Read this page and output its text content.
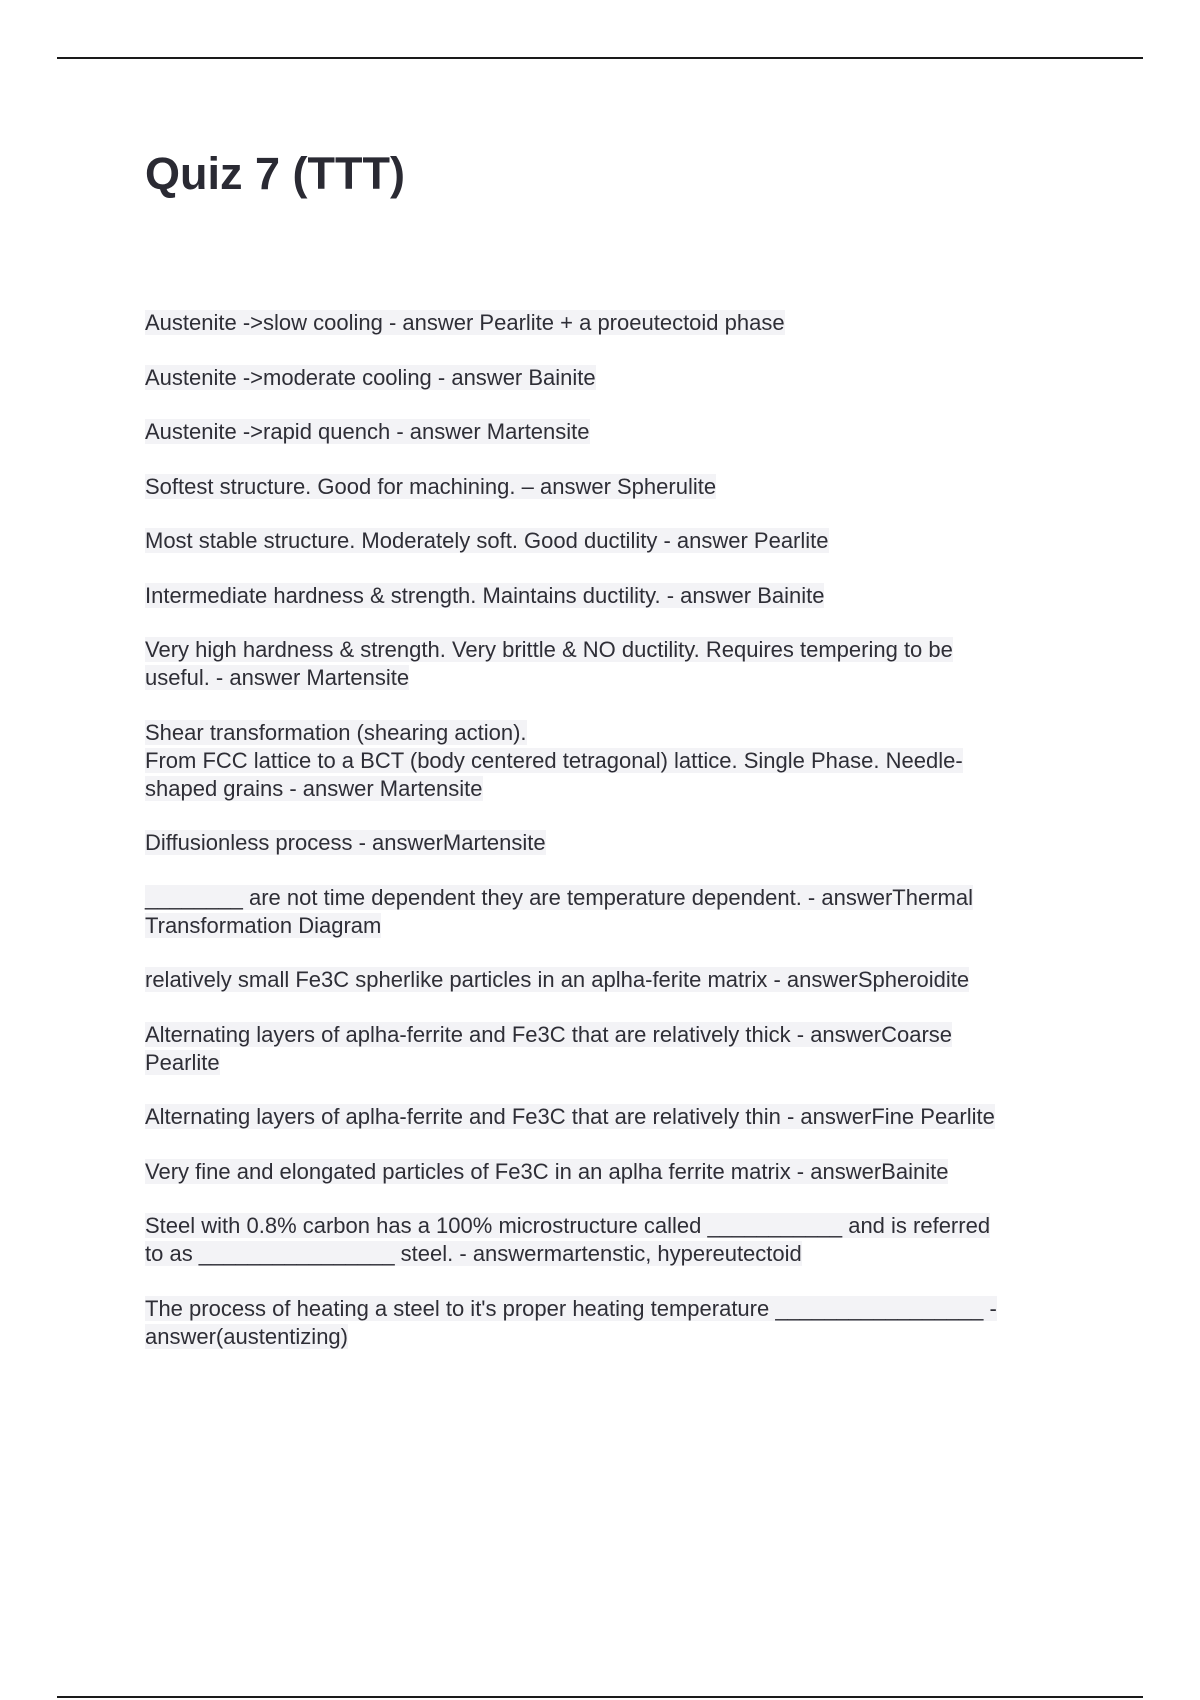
Quiz 7 (TTT)
Austenite ->slow cooling - answer Pearlite + a proeutectoid phase
Austenite ->moderate cooling - answer Bainite
Austenite ->rapid quench - answer Martensite
Softest structure. Good for machining. – answer Spherulite
Most stable structure. Moderately soft. Good ductility - answer Pearlite
Intermediate hardness & strength. Maintains ductility. - answer Bainite
Very high hardness & strength. Very brittle & NO ductility. Requires tempering to be
useful. - answer Martensite
Shear transformation (shearing action).
From FCC lattice to a BCT (body centered tetragonal) lattice. Single Phase. Needle-
shaped grains - answer Martensite
Diffusionless process - answerMartensite
________ are not time dependent they are temperature dependent. - answerThermal
Transformation Diagram
relatively small Fe3C spherlike particles in an aplha-ferite matrix - answerSpheroidite
Alternating layers of aplha-ferrite and Fe3C that are relatively thick - answerCoarse
Pearlite
Alternating layers of aplha-ferrite and Fe3C that are relatively thin - answerFine Pearlite
Very fine and elongated particles of Fe3C in an aplha ferrite matrix - answerBainite
Steel with 0.8% carbon has a 100% microstructure called ___________ and is referred
to as ________________ steel. - answermartenstic, hypereutectoid
The process of heating a steel to it's proper heating temperature _________________ -
answer(austentizing)
